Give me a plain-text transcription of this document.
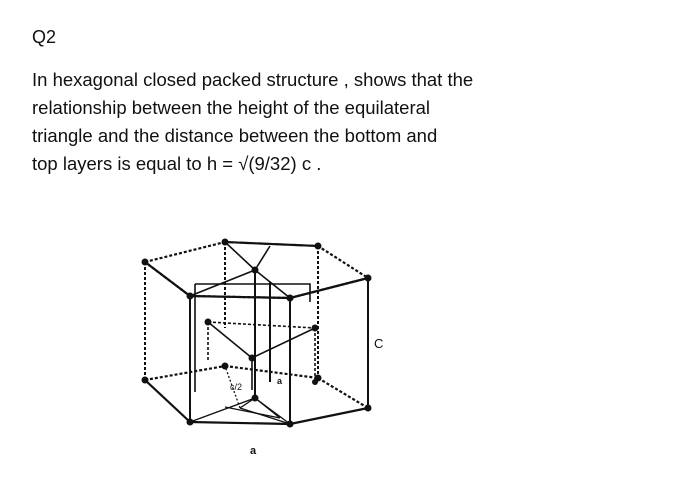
Q2
In hexagonal closed packed structure , shows that the
relationship between the height of the equilateral
triangle and the distance between the bottom and
top layers is equal to h = √(9/32) c .
C
a
a
c/2
